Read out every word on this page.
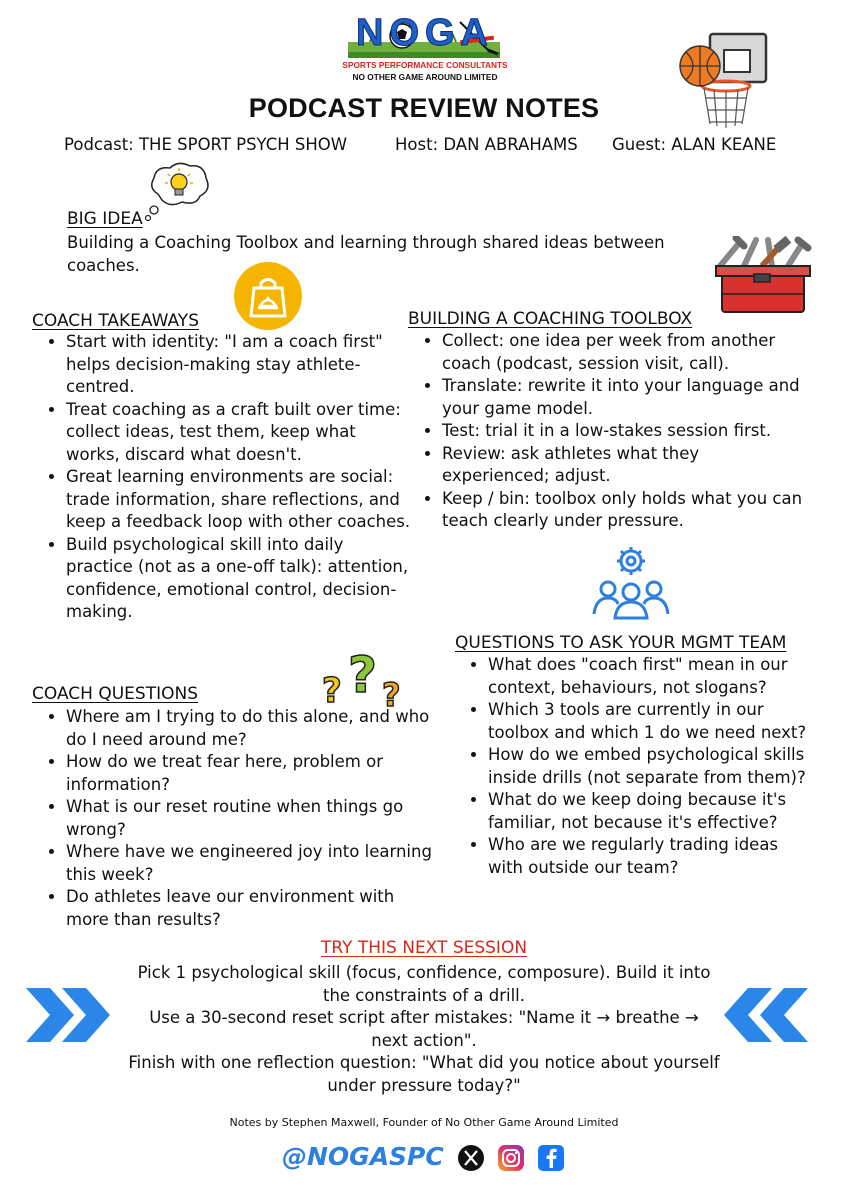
NOGA
SPORTS PERFORMANCE CONSULTANTS
NO OTHER GAME AROUND LIMITED
PODCAST REVIEW NOTES
Podcast: THE SPORT PSYCH SHOW	Host: DAN ABRAHAMS Guest: ALAN KEANE
BIG IDEA
Building a Coaching Toolbox and learning through shared ideas between
coaches.
COACH TAKEAWAYS
• Start with identity: "I am a coach first" helps decision-making stay athlete-centred.
• Treat coaching as a craft built over time: collect ideas, test them, keep what works, discard what doesn't.
• Great learning environments are social: trade information, share reflections, and keep a feedback loop with other coaches.
• Build psychological skill into daily practice (not as a one-off talk): attention, confidence, emotional control, decision-making.
BUILDING A COACHING TOOLBOX
• Collect: one idea per week from another coach (podcast, session visit, call).
• Translate: rewrite it into your language and your game model.
• Test: trial it in a low-stakes session first.
• Review: ask athletes what they experienced; adjust.
• Keep / bin: toolbox only holds what you can teach clearly under pressure.
QUESTIONS TO ASK YOUR MGMT TEAM
• What does "coach first" mean in our context, behaviours, not slogans?
• Which 3 tools are currently in our toolbox and which 1 do we need next?
• How do we embed psychological skills inside drills (not separate from them)?
• What do we keep doing because it's familiar, not because it's effective?
• Who are we regularly trading ideas with outside our team?
? ? ?
COACH QUESTIONS
• Where am I trying to do this alone, and who do I need around me?
• How do we treat fear here, problem or information?
• What is our reset routine when things go wrong?
• Where have we engineered joy into learning this week?
• Do athletes leave our environment with more than results?
TRY THIS NEXT SESSION
Pick 1 psychological skill (focus, confidence, composure). Build it into
the constraints of a drill.
Use a 30-second reset script after mistakes: "Name it → breathe →
next action".
Finish with one reflection question: "What did you notice about yourself
under pressure today?"
Notes by Stephen Maxwell, Founder of No Other Game Around Limited
@NOGASPC
